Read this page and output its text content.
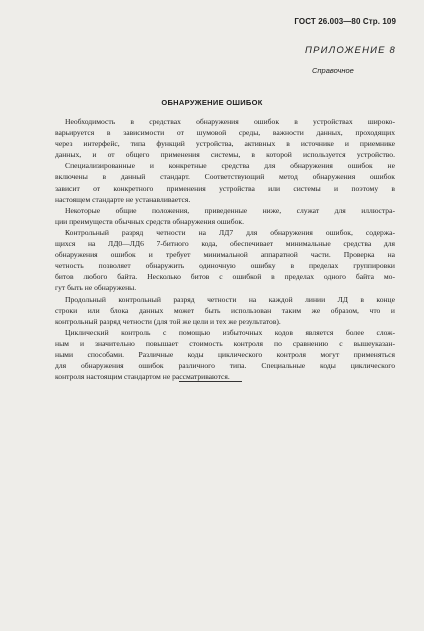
ГОСТ 26.003—80 Стр. 109
ПРИЛОЖЕНИЕ 8
Справочное
ОБНАРУЖЕНИЕ ОШИБОК
Необходимость в средствах обнаружения ошибок в устройствах широко-
варьируется в зависимости от шумовой среды, важности данных, проходящих
через интерфейс, типа функций устройства, активных в источнике и приемнике
данных, и от общего применения системы, в которой используется устройство.
Специализированные и конкретные средства для обнаружения ошибок не
включены в данный стандарт. Соответствующий метод обнаружения ошибок
зависит от конкретного применения устройства или системы и поэтому в
настоящем стандарте не устанавливается.
Некоторые общие положения, приведенные ниже, служат для иллюстра-
ции преимуществ обычных средств обнаружения ошибок.
Контрольный разряд четности на ЛД7 для обнаружения ошибок, содержа-
щихся на ЛД0—ЛД6 7-битного кода, обеспечивает минимальные средства для
обнаружения ошибок и требует минимальной аппаратной части. Проверка на
четность позволяет обнаружить одиночную ошибку в пределах группировки
битов любого байта. Несколько битов с ошибкой в пределах одного байта мо-
гут быть не обнаружены.
Продольный контрольный разряд четности на каждой линии ЛД в конце
строки или блока данных может быть использован таким же образом, что и
контрольный разряд четности (для той же цели и тех же результатов).
Циклический контроль с помощью избыточных кодов является более слож-
ным и значительно повышает стоимость контроля по сравнению с вышеуказан-
ными способами. Различные коды циклического контроля могут применяться
для обнаружения ошибок различного типа. Специальные коды циклического
контроля настоящим стандартом не рассматриваются.
